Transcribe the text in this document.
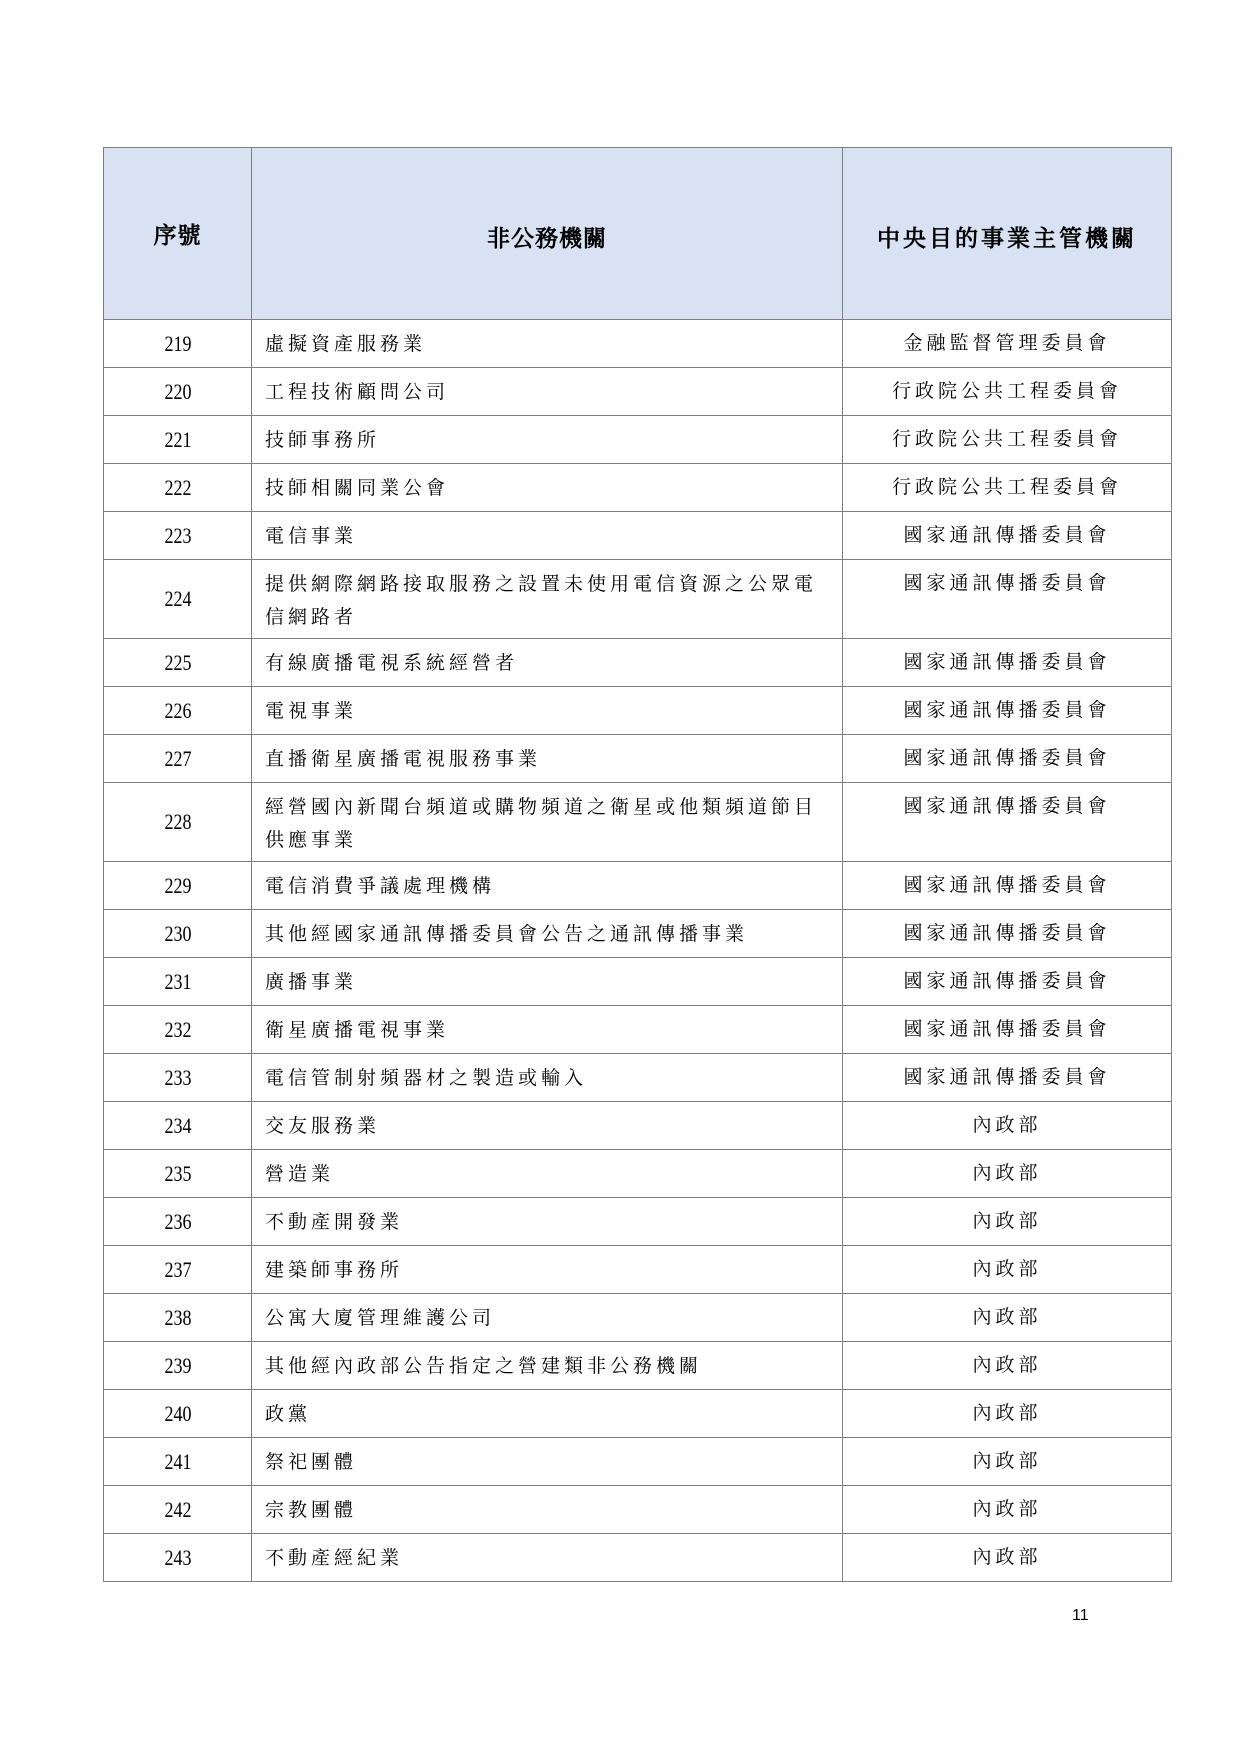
序號	非公務機關	中央目的事業主管機關
219	虛擬資產服務業	金融監督管理委員會
220	工程技術顧問公司	行政院公共工程委員會
221	技師事務所	行政院公共工程委員會
222	技師相關同業公會	行政院公共工程委員會
223	電信事業	國家通訊傳播委員會
224	提供網際網路接取服務之設置未使用電信資源之公眾電信網路者	國家通訊傳播委員會
225	有線廣播電視系統經營者	國家通訊傳播委員會
226	電視事業	國家通訊傳播委員會
227	直播衛星廣播電視服務事業	國家通訊傳播委員會
228	經營國內新聞台頻道或購物頻道之衛星或他類頻道節目供應事業	國家通訊傳播委員會
229	電信消費爭議處理機構	國家通訊傳播委員會
230	其他經國家通訊傳播委員會公告之通訊傳播事業	國家通訊傳播委員會
231	廣播事業	國家通訊傳播委員會
232	衛星廣播電視事業	國家通訊傳播委員會
233	電信管制射頻器材之製造或輸入	國家通訊傳播委員會
234	交友服務業	內政部
235	營造業	內政部
236	不動產開發業	內政部
237	建築師事務所	內政部
238	公寓大廈管理維護公司	內政部
239	其他經內政部公告指定之營建類非公務機關	內政部
240	政黨	內政部
241	祭祀團體	內政部
242	宗教團體	內政部
243	不動產經紀業	內政部
11
